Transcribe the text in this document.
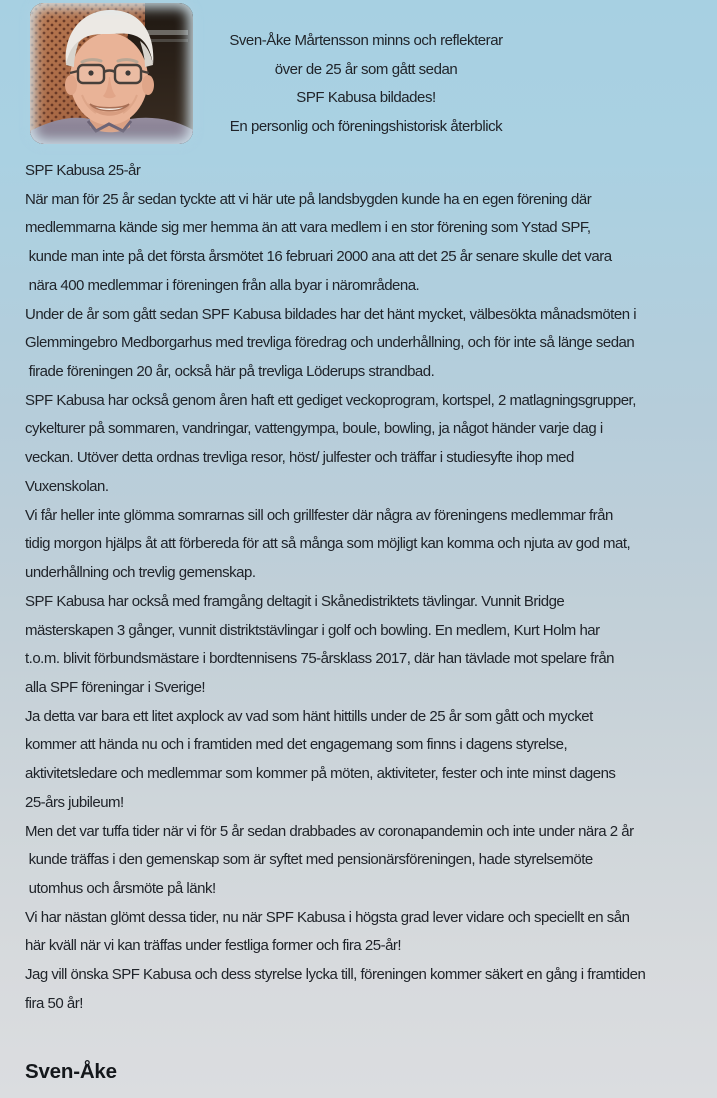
Sven-Åke Mårtensson minns och reflekterar
över de 25 år som gått sedan
SPF Kabusa bildades!
En personlig och föreningshistorisk återblick
SPF Kabusa 25-år
När man för 25 år sedan tyckte att vi här ute på landsbygden kunde ha en egen förening där
medlemmarna kände sig mer hemma än att vara medlem i en stor förening som Ystad SPF,
kunde man inte på det första årsmötet 16 februari 2000 ana att det 25 år senare skulle det vara
nära 400 medlemmar i föreningen från alla byar i närområdena.
Under de år som gått sedan SPF Kabusa bildades har det hänt mycket, välbesökta månadsmöten i
Glemmingebro Medborgarhus med trevliga föredrag och underhållning, och för inte så länge sedan
firade föreningen 20 år, också här på trevliga Löderups strandbad.
SPF Kabusa har också genom åren haft ett gediget veckoprogram, kortspel, 2 matlagningsgrupper,
cykelturer på sommaren, vandringar, vattengympa, boule, bowling, ja något händer varje dag i
veckan. Utöver detta ordnas trevliga resor, höst/ julfester och träffar i studiesyfte ihop med
Vuxenskolan.
Vi får heller inte glömma somrarnas sill och grillfester där några av föreningens medlemmar från
tidig morgon hjälps åt att förbereda för att så många som möjligt kan komma och njuta av god mat,
underhållning och trevlig gemenskap.
SPF Kabusa har också med framgång deltagit i Skånedistriktets tävlingar. Vunnit Bridge
mästerskapen 3 gånger, vunnit distriktstävlingar i golf och bowling. En medlem, Kurt Holm har
t.o.m. blivit förbundsmästare i bordtennisens 75-årsklass 2017, där han tävlade mot spelare från
alla SPF föreningar i Sverige!
Ja detta var bara ett litet axplock av vad som hänt hittills under de 25 år som gått och mycket
kommer att hända nu och i framtiden med det engagemang som finns i dagens styrelse,
aktivitetsledare och medlemmar som kommer på möten, aktiviteter, fester och inte minst dagens
25-års jubileum!
Men det var tuffa tider när vi för 5 år sedan drabbades av coronapandemin och inte under nära 2 år
kunde träffas i den gemenskap som är syftet med pensionärsföreningen, hade styrelsemöte
utomhus och årsmöte på länk!
Vi har nästan glömt dessa tider, nu när SPF Kabusa i högsta grad lever vidare och speciellt en sån
här kväll när vi kan träffas under festliga former och fira 25-år!
Jag vill önska SPF Kabusa och dess styrelse lycka till, föreningen kommer säkert en gång i framtiden
fira 50 år!
Sven-Åke
